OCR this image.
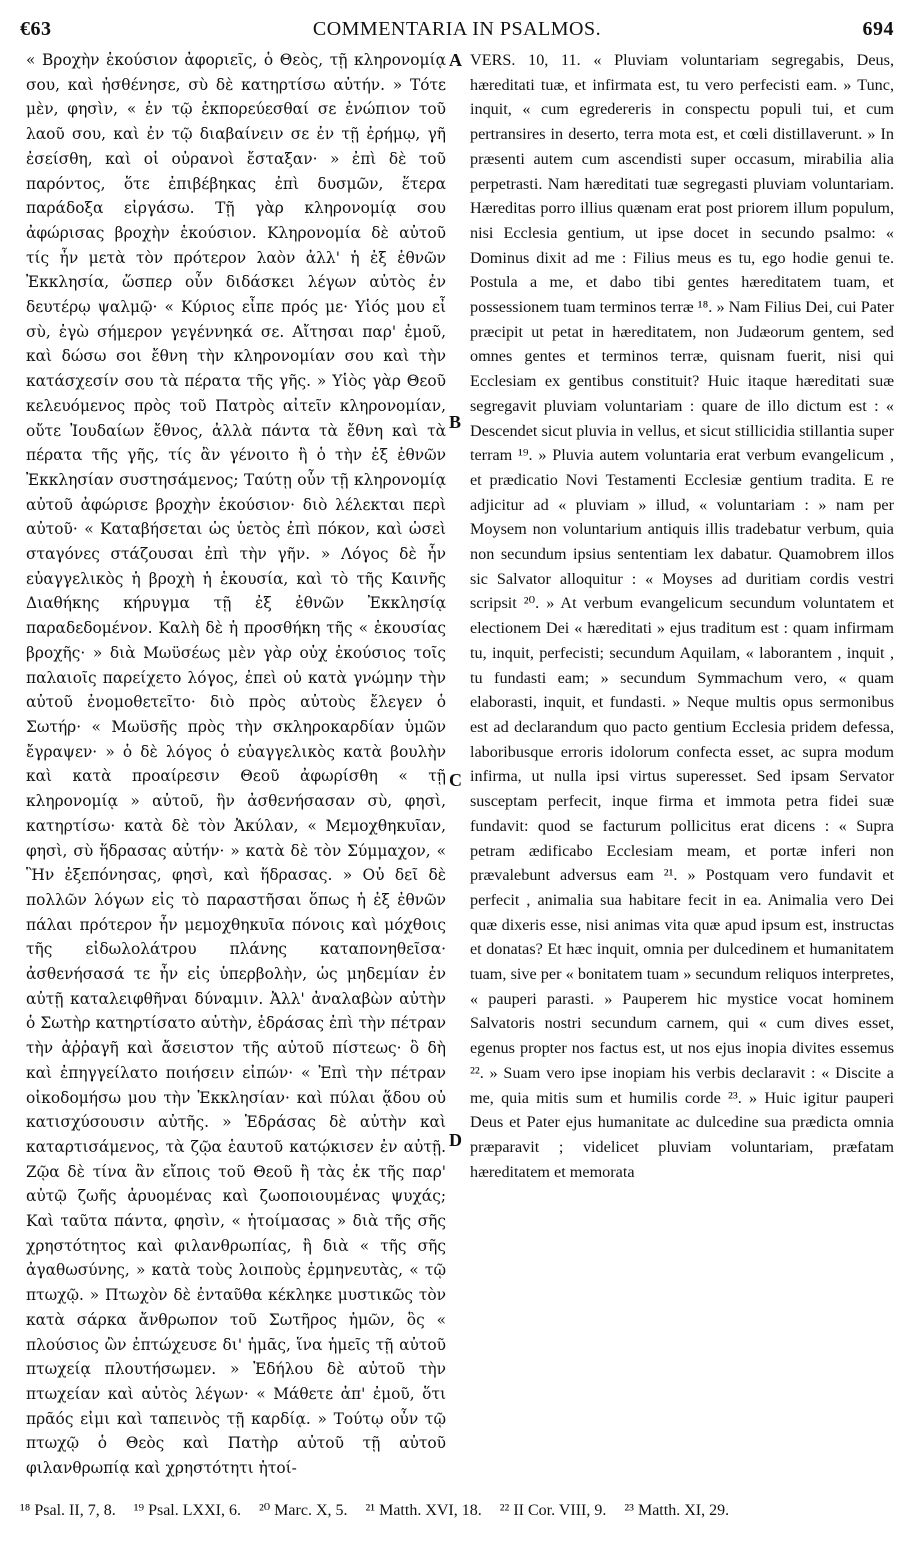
€63	COMMENTARIA IN PSALMOS.	694

« Βροχὴν ἑκούσιον ἀφοριεῖς, ὁ Θεὸς, τῇ κληρονομίᾳ σου, καὶ ἠσθένησε, σὺ δὲ κατηρτίσω αὐτήν. » Τότε μὲν, φησὶν, « ἐν τῷ ἐκπορεύεσθαί σε ἐνώπιον τοῦ λαοῦ σου, καὶ ἐν τῷ διαβαίνειν σε ἐν τῇ ἐρήμῳ, γῆ ἐσείσθη, καὶ οἱ οὐρανοὶ ἔσταξαν· » ἐπὶ δὲ τοῦ παρόντος, ὅτε ἐπιβέβηκας ἐπὶ δυσμῶν, ἕτερα παράδοξα εἰργάσω. Τῇ γὰρ κληρονομίᾳ σου ἀφώρισας βροχὴν ἑκούσιον. Κληρονομία δὲ αὐτοῦ τίς ἦν μετὰ τὸν πρότερον λαὸν ἀλλ' ἡ ἐξ ἐθνῶν Ἐκκλησία, ὥσπερ οὖν διδάσκει λέγων αὐτὸς ἐν δευτέρῳ ψαλμῷ· « Κύριος εἶπε πρός με· Υἱός μου εἶ σὺ, ἐγὼ σήμερον γεγέννηκά σε. Αἴτησαι παρ' ἐμοῦ, καὶ δώσω σοι ἔθνη τὴν κληρονομίαν σου καὶ τὴν κατάσχεσίν σου τὰ πέρατα τῆς γῆς. » Υἱὸς γὰρ Θεοῦ κελευόμενος πρὸς τοῦ Πατρὸς αἰτεῖν κληρονομίαν, οὔτε Ἰουδαίων ἔθνος, ἀλλὰ πάντα τὰ ἔθνη καὶ τὰ πέρατα τῆς γῆς, τίς ἂν γένοιτο ἢ ὁ τὴν ἐξ ἐθνῶν Ἐκκλησίαν συστησάμενος; Ταύτῃ οὖν τῇ κληρονομίᾳ αὐτοῦ ἀφώρισε βροχὴν ἑκούσιον· διὸ λέλεκται περὶ αὐτοῦ· « Καταβήσεται ὡς ὑετὸς ἐπὶ πόκον, καὶ ὡσεὶ σταγόνες στάζουσαι ἐπὶ τὴν γῆν. » Λόγος δὲ ἦν εὐαγγελικὸς ἡ βροχὴ ἡ ἑκουσία, καὶ τὸ τῆς Καινῆς Διαθήκης κήρυγμα τῇ ἐξ ἐθνῶν Ἐκκλησίᾳ παραδεδομένον. Καλὴ δὲ ἡ προσθήκη τῆς « ἑκουσίας βροχῆς· » διὰ Μωϋσέως μὲν γὰρ οὐχ ἑκούσιος τοῖς παλαιοῖς παρείχετο λόγος, ἐπεὶ οὐ κατὰ γνώμην τὴν αὐτοῦ ἐνομοθετεῖτο· διὸ πρὸς αὐτοὺς ἔλεγεν ὁ Σωτήρ· « Μωϋσῆς πρὸς τὴν σκληροκαρδίαν ὑμῶν ἔγραψεν· » ὁ δὲ λόγος ὁ εὐαγγελικὸς κατὰ βουλὴν καὶ κατὰ προαίρεσιν Θεοῦ ἀφωρίσθη « τῇ κληρονομίᾳ » αὐτοῦ, ἣν ἀσθενήσασαν σὺ, φησὶ, κατηρτίσω· κατὰ δὲ τὸν Ἀκύλαν, « Μεμοχθηκυῖαν, φησὶ, σὺ ἥδρασας αὐτήν· » κατὰ δὲ τὸν Σύμμαχον, « Ἣν ἐξεπόνησας, φησὶ, καὶ ἥδρασας. » Οὐ δεῖ δὲ πολλῶν λόγων εἰς τὸ παραστῆσαι ὅπως ἡ ἐξ ἐθνῶν πάλαι πρότερον ἦν μεμοχθηκυῖα πόνοις καὶ μόχθοις τῆς εἰδωλολάτρου πλάνης καταπονηθεῖσα· ἀσθενήσασά τε ἦν εἰς ὑπερβολὴν, ὡς μηδεμίαν ἐν αὐτῇ καταλειφθῆναι δύναμιν. Ἀλλ' ἀναλαβὼν αὐτὴν ὁ Σωτὴρ κατηρτίσατο αὐτὴν, ἑδράσας ἐπὶ τὴν πέτραν τὴν ἀῤῥαγῆ καὶ ἄσειστον τῆς αὐτοῦ πίστεως· ὃ δὴ καὶ ἐπηγγείλατο ποιήσειν εἰπών· « Ἐπὶ τὴν πέτραν οἰκοδομήσω μου τὴν Ἐκκλησίαν· καὶ πύλαι ᾅδου οὐ κατισχύσουσιν αὐτῆς. » Ἑδράσας δὲ αὐτὴν καὶ καταρτισάμενος, τὰ ζῷα ἑαυτοῦ κατῴκισεν ἐν αὐτῇ. Ζῷα δὲ τίνα ἂν εἴποις τοῦ Θεοῦ ἢ τὰς ἐκ τῆς παρ' αὐτῷ ζωῆς ἀρυομένας καὶ ζωοποιουμένας ψυχάς; Καὶ ταῦτα πάντα, φησὶν, « ἡτοίμασας » διὰ τῆς σῆς χρηστότητος καὶ φιλανθρωπίας, ἢ διὰ « τῆς σῆς ἀγαθωσύνης, » κατὰ τοὺς λοιποὺς ἑρμηνευτὰς, « τῷ πτωχῷ. » Πτωχὸν δὲ ἐνταῦθα κέκληκε μυστικῶς τὸν κατὰ σάρκα ἄνθρωπον τοῦ Σωτῆρος ἡμῶν, ὃς « πλούσιος ὢν ἐπτώχευσε δι' ἡμᾶς, ἵνα ἡμεῖς τῇ αὐτοῦ πτωχείᾳ πλουτήσωμεν. » Ἐδήλου δὲ αὐτοῦ τὴν πτωχείαν καὶ αὐτὸς λέγων· « Μάθετε ἀπ' ἐμοῦ, ὅτι πρᾶός εἰμι καὶ ταπεινὸς τῇ καρδίᾳ. » Τούτῳ οὖν τῷ πτωχῷ ὁ Θεὸς καὶ Πατὴρ αὐτοῦ τῇ αὐτοῦ φιλανθρωπίᾳ καὶ χρηστότητι ἡτοί-

A
B
C
D

VERS. 10, 11. « Pluviam voluntariam segregabis, Deus, hæreditati tuæ, et infirmata est, tu vero perfecisti eam. » Tunc, inquit, « cum egredereris in conspectu populi tui, et cum pertransires in deserto, terra mota est, et cœli distillaverunt. » In præsenti autem cum ascendisti super occasum, mirabilia alia perpetrasti. Nam hæreditati tuæ segregasti pluviam voluntariam. Hæreditas porro illius quænam erat post priorem illum populum, nisi Ecclesia gentium, ut ipse docet in secundo psalmo: « Dominus dixit ad me : Filius meus es tu, ego hodie genui te. Postula a me, et dabo tibi gentes hæreditatem tuam, et possessionem tuam terminos terræ ¹⁸. » Nam Filius Dei, cui Pater præcipit ut petat in hæreditatem, non Judæorum gentem, sed omnes gentes et terminos terræ, quisnam fuerit, nisi qui Ecclesiam ex gentibus constituit? Huic itaque hæreditati suæ segregavit pluviam voluntariam : quare de illo dictum est : « Descendet sicut pluvia in vellus, et sicut stillicidia stillantia super terram ¹⁹. » Pluvia autem voluntaria erat verbum evangelicum , et prædicatio Novi Testamenti Ecclesiæ gentium tradita. E re adjicitur ad « pluviam » illud, « voluntariam : » nam per Moysem non voluntarium antiquis illis tradebatur verbum, quia non secundum ipsius sententiam lex dabatur. Quamobrem illos sic Salvator alloquitur : « Moyses ad duritiam cordis vestri scripsit ²⁰. » At verbum evangelicum secundum voluntatem et electionem Dei « hæreditati » ejus traditum est : quam infirmam tu, inquit, perfecisti; secundum Aquilam, « laborantem , inquit , tu fundasti eam; » secundum Symmachum vero, « quam elaborasti, inquit, et fundasti. » Neque multis opus sermonibus est ad declarandum quo pacto gentium Ecclesia pridem defessa, laboribusque erroris idolorum confecta esset, ac supra modum infirma, ut nulla ipsi virtus superesset. Sed ipsam Servator susceptam perfecit, inque firma et immota petra fidei suæ fundavit: quod se facturum pollicitus erat dicens : « Supra petram ædificabo Ecclesiam meam, et portæ inferi non prævalebunt adversus eam ²¹. » Postquam vero fundavit et perfecit , animalia sua habitare fecit in ea. Animalia vero Dei quæ dixeris esse, nisi animas vita quæ apud ipsum est, instructas et donatas? Et hæc inquit, omnia per dulcedinem et humanitatem tuam, sive per « bonitatem tuam » secundum reliquos interpretes, « pauperi parasti. » Pauperem hic mystice vocat hominem Salvatoris nostri secundum carnem, qui « cum dives esset, egenus propter nos factus est, ut nos ejus inopia divites essemus ²². » Suam vero ipse inopiam his verbis declaravit : « Discite a me, quia mitis sum et humilis corde ²³. » Huic igitur pauperi Deus et Pater ejus humanitate ac dulcedine sua prædicta omnia præparavit ; videlicet pluviam voluntariam, præfatam hæreditatem et memorata

¹⁸ Psal. II, 7, 8. ¹⁹ Psal. LXXI, 6. ²⁰ Marc. X, 5. ²¹ Matth. XVI, 18. ²² II Cor. VIII, 9. ²³ Matth. XI, 29.
